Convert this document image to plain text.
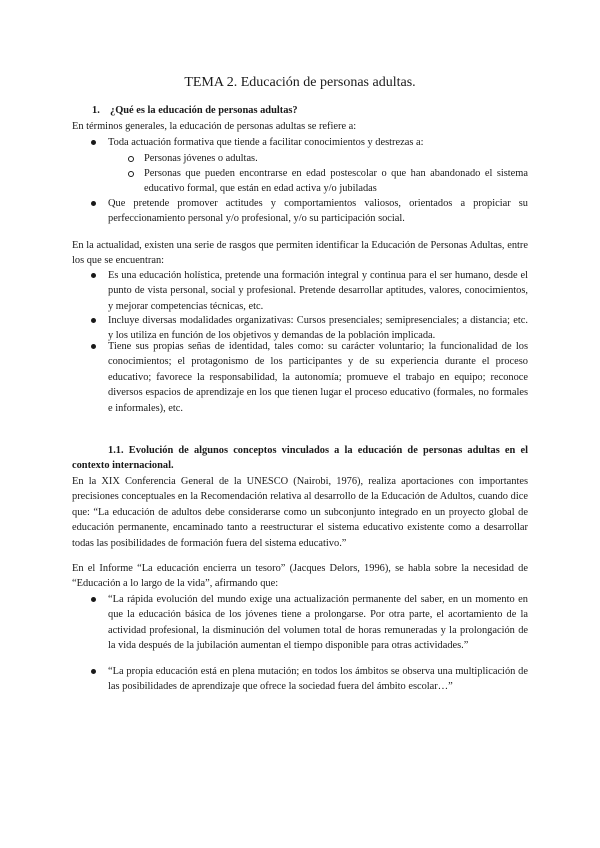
TEMA 2. Educación de personas adultas.
1. ¿Qué es la educación de personas adultas?
En términos generales, la educación de personas adultas se refiere a:
Toda actuación formativa que tiende a facilitar conocimientos y destrezas a:
Personas jóvenes o adultas.
Personas que pueden encontrarse en edad postescolar o que han abandonado el sistema educativo formal, que están en edad activa y/o jubiladas
Que pretende promover actitudes y comportamientos valiosos, orientados a propiciar su perfeccionamiento personal y/o profesional, y/o su participación social.
En la actualidad, existen una serie de rasgos que permiten identificar la Educación de Personas Adultas, entre los que se encuentran:
Es una educación holística, pretende una formación integral y continua para el ser humano, desde el punto de vista personal, social y profesional. Pretende desarrollar aptitudes, valores, conocimientos, y mejorar competencias técnicas, etc.
Incluye diversas modalidades organizativas: Cursos presenciales; semipresenciales; a distancia; etc. y los utiliza en función de los objetivos y demandas de la población implicada.
Tiene sus propias señas de identidad, tales como: su carácter voluntario; la funcionalidad de los conocimientos; el protagonismo de los participantes y de su experiencia durante el proceso educativo; favorece la responsabilidad, la autonomía; promueve el trabajo en equipo; reconoce diversos espacios de aprendizaje en los que tienen lugar el proceso educativo (formales, no formales e informales), etc.
1.1. Evolución de algunos conceptos vinculados a la educación de personas adultas en el contexto internacional.
En la XIX Conferencia General de la UNESCO (Nairobi, 1976), realiza aportaciones con importantes precisiones conceptuales en la Recomendación relativa al desarrollo de la Educación de Adultos, cuando dice que: “La educación de adultos debe considerarse como un subconjunto integrado en un proyecto global de educación permanente, encaminado tanto a reestructurar el sistema educativo existente como a desarrollar todas las posibilidades de formación fuera del sistema educativo.”
En el Informe “La educación encierra un tesoro” (Jacques Delors, 1996), se habla sobre la necesidad de “Educación a lo largo de la vida”, afirmando que:
“La rápida evolución del mundo exige una actualización permanente del saber, en un momento en que la educación básica de los jóvenes tiene a prolongarse. Por otra parte, el acortamiento de la actividad profesional, la disminución del volumen total de horas remuneradas y la prolongación de la vida después de la jubilación aumentan el tiempo disponible para otras actividades.”
“La propia educación está en plena mutación; en todos los ámbitos se observa una multiplicación de las posibilidades de aprendizaje que ofrece la sociedad fuera del ámbito escolar…”
